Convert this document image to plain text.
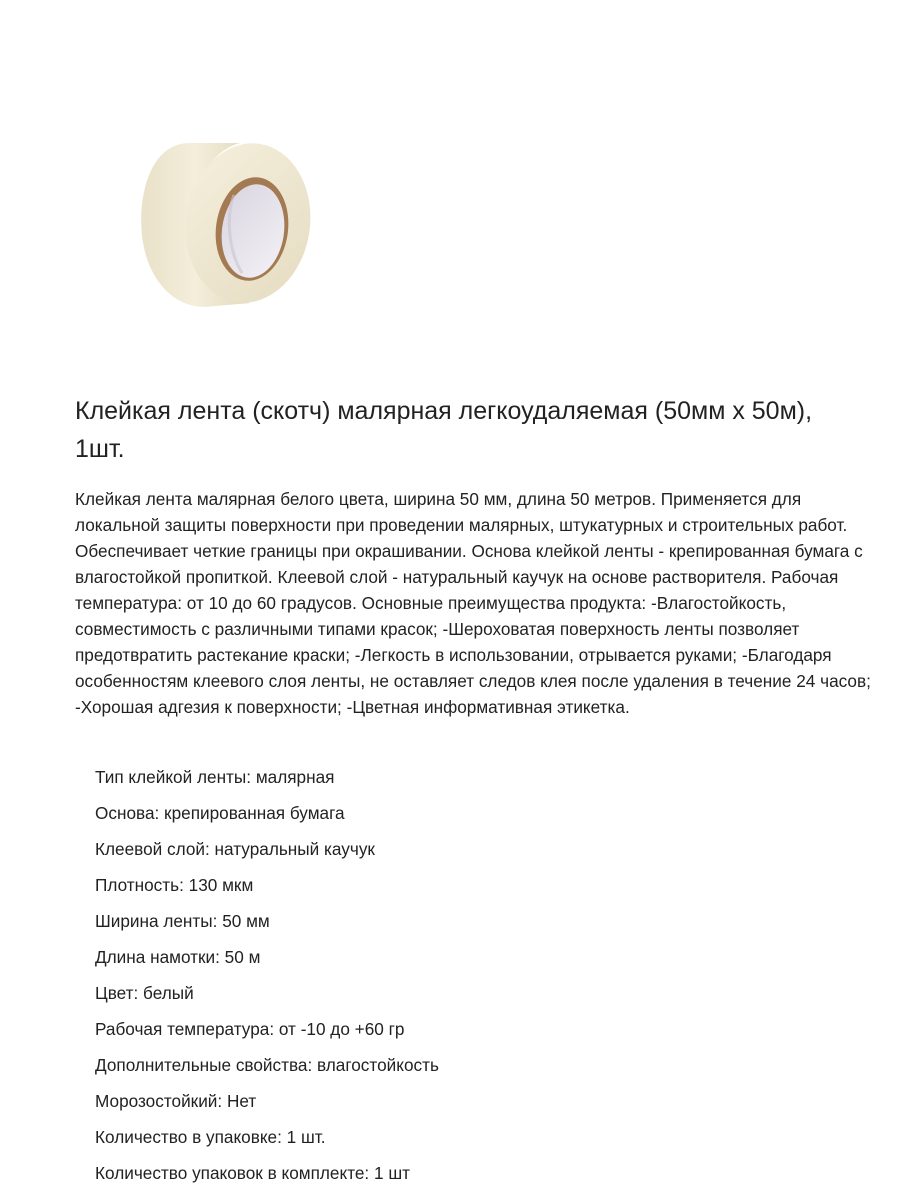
Клейкая лента (скотч) малярная легкоудаляемая (50мм х 50м), 1шт.

Клейкая лента малярная белого цвета, ширина 50 мм, длина 50 метров. Применяется для локальной защиты поверхности при проведении малярных, штукатурных и строительных работ. Обеспечивает четкие границы при окрашивании. Основа клейкой ленты - крепированная бумага с влагостойкой пропиткой. Клеевой слой - натуральный каучук на основе растворителя. Рабочая температура: от 10 до 60 градусов. Основные преимущества продукта: -Влагостойкость, совместимость с различными типами красок; -Шероховатая поверхность ленты позволяет предотвратить растекание краски; -Легкость в использовании, отрывается руками; -Благодаря особенностям клеевого слоя ленты, не оставляет следов клея после удаления в течение 24 часов; -Хорошая адгезия к поверхности; -Цветная информативная этикетка.

Тип клейкой ленты: малярная
Основа: крепированная бумага
Клеевой слой: натуральный каучук
Плотность: 130 мкм
Ширина ленты: 50 мм
Длина намотки: 50 м
Цвет: белый
Рабочая температура: от -10 до +60 гр
Дополнительные свойства: влагостойкость
Морозостойкий: Нет
Количество в упаковке: 1 шт.
Количество упаковок в комплекте: 1 шт
